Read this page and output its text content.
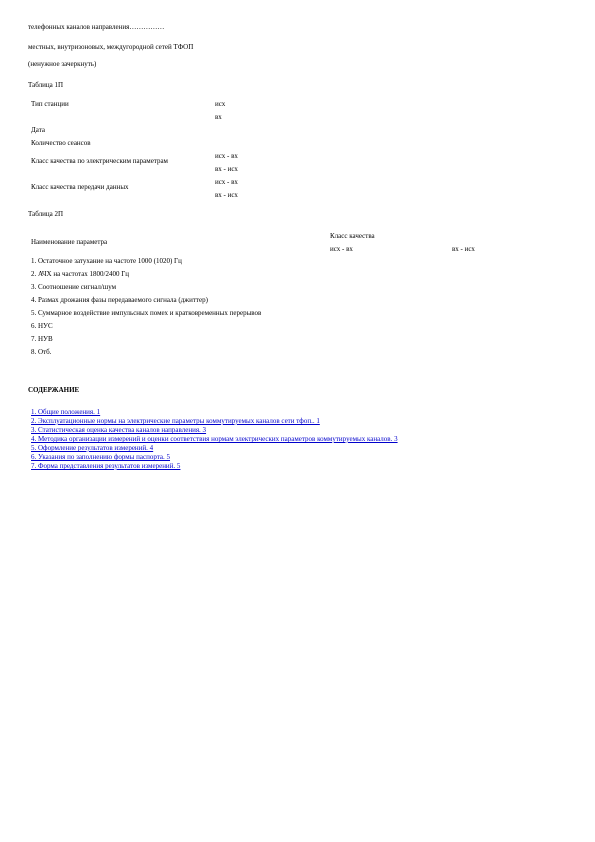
телефонных каналов направления……………
местных, внутризоновых, междугородной сетей ТФОП
(ненужное зачеркнуть)
Таблица 1П
Тип станции	исх
вх
Дата
Количество сеансов
исх - вх
Класс качества по электрическим параметрам
вх - исх
исх - вх
Класс качества передачи данных
вх - исх
Таблица 2П
Класс качества
Наименование параметра
исх - вх	вх - исх
1. Остаточное затухание на частоте 1000 (1020) Гц
2. АЧХ на частотах 1800/2400 Гц
3. Соотношение сигнал/шум
4. Размах дрожания фазы передаваемого сигнала (джиттер)
5. Суммарное воздействие импульсных помех и кратковременных перерывов
6. НУС
7. НУВ
8. Отб.
СОДЕРЖАНИЕ
1. Общие положения. 1
2. Эксплуатационные нормы на электрические параметры коммутируемых каналов сети тфоп.. 1
3. Статистическая оценка качества каналов направления. 3
4. Методика организации измерений и оценки соответствия нормам электрических параметров коммутируемых каналов. 3
5. Оформление результатов измерений. 4
6. Указания по заполнению формы паспорта. 5
7. Форма представления результатов измерений. 5
